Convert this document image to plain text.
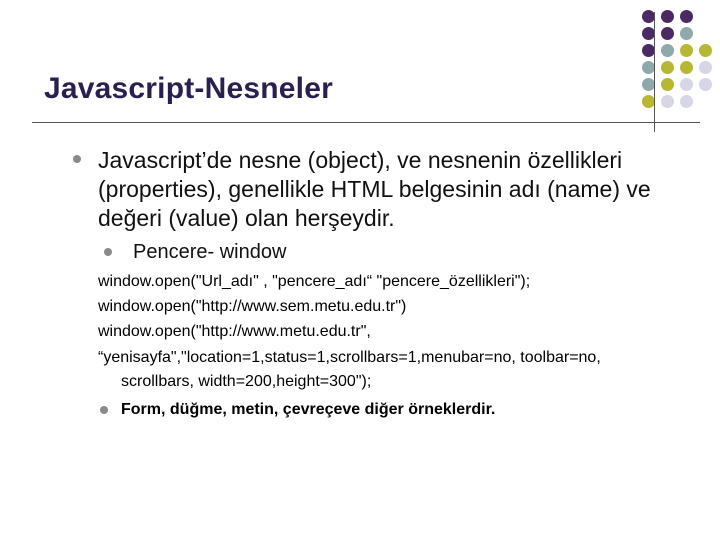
Javascript-Nesneler
Javascript’de nesne (object), ve nesnenin özellikleri (properties), genellikle HTML belgesinin adı (name) ve değeri (value) olan herşeydir.
Pencere- window
window.open("Url_adı" , "pencere_adı“ "pencere_özellikleri");
window.open("http://www.sem.metu.edu.tr")
window.open("http://www.metu.edu.tr",
“yenisayfa","location=1,status=1,scrollbars=1,menubar=no, toolbar=no,
scrollbars, width=200,height=300");
Form, düğme, metin, çevreçeve diğer örneklerdir.
